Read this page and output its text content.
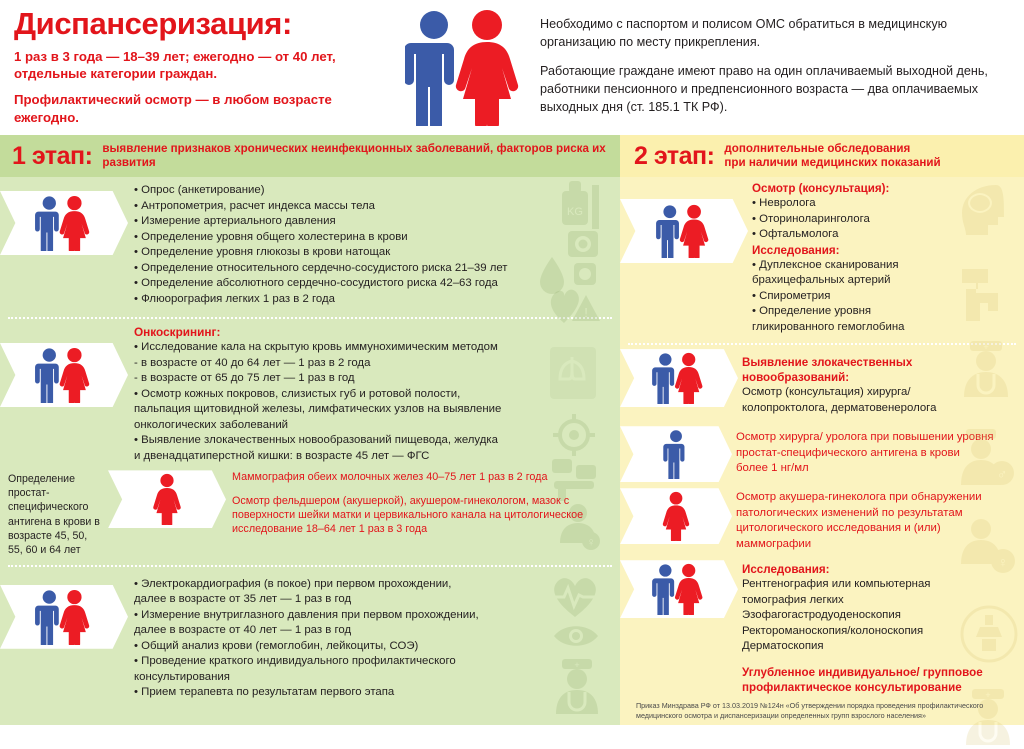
Диспансеризация:
1 раз в 3 года — 18–39 лет; ежегодно — от 40 лет, отдельные категории граждан.
Профилактический осмотр — в любом возрасте ежегодно.

Необходимо с паспортом и полисом ОМС обратиться в медицинскую организацию по месту прикрепления.

Работающие граждане имеют право на один оплачиваемый выходной день, работники пенсионного и предпенсионного возраста — два оплачиваемых выходных дня (ст. 185.1 ТК РФ).

1 этап: выявление признаков хронических неинфекционных заболеваний, факторов риска их развития
KG
!
• Опрос (анкетирование)
• Антропометрия, расчет индекса массы тела
• Измерение артериального давления
• Определение уровня общего холестерина в крови
• Определение уровня глюкозы в крови натощак
• Определение относительного сердечно-сосудистого риска 21–39 лет
• Определение абсолютного сердечно-сосудистого риска 42–63 года
• Флюорография легких 1 раз в 2 года
Онкоскрининг:
• Исследование кала на скрытую кровь иммунохимическим методом
- в возрасте от 40 до 64 лет — 1 раз в 2 года
- в возрасте от 65 до 75 лет — 1 раз в год
• Осмотр кожных покровов, слизистых губ и ротовой полости,
пальпация щитовидной железы, лимфатических узлов на выявление
онкологических заболеваний
• Выявление злокачественных новообразований пищевода, желудка
и двенадцатиперстной кишки: в возрасте 45 лет — ФГС
♀
Определение простат-специфического антигена в крови в возрасте 45, 50, 55, 60 и 64 лет
Маммография обеих молочных желез 40–75 лет 1 раз в 2 года
Осмотр фельдшером (акушеркой), акушером-гинекологом, мазок с поверхности шейки матки и цервикального канала на цитологическое исследование 18–64 лет 1 раз в 3 года
• Электрокардиография (в покое) при первом прохождении,
далее в возрасте от 35 лет — 1 раз в год
• Измерение внутриглазного давления при первом прохождении,
далее в возрасте от 40 лет — 1 раз в год
• Общий анализ крови (гемоглобин, лейкоциты, СОЭ)
• Проведение краткого индивидуального профилактического
консультирования
• Прием терапевта по результатам первого этапа
+
2 этап: дополнительные обследования
при наличии медицинских показаний
+
♂
♀
+
Осмотр (консультация):
• Невролога
• Оториноларинголога
• Офтальмолога
Исследования:
• Дуплексное сканирования
брахицефальных артерий
• Спирометрия
• Определение уровня
гликированного гемоглобина
Выявление злокачественных новообразований:
Осмотр (консультация) хирурга/ колопроктолога, дерматовенеролога
Осмотр хирурга/ уролога при повышении уровня простат-специфического антигена в крови более 1 нг/мл
Осмотр акушера-гинеколога при обнаружении патологических изменений по результатам цитологического исследования и (или) маммографии
Исследования:
Рентгенография или компьютерная
томография легких
Эзофагогастродуоденоскопия
Ректороманоскопия/колоноскопия
Дерматоскопия
Углубленное индивидуальное/ групповое профилактическое консультирование
Приказ Минздрава РФ от 13.03.2019 №124н «Об утверждении порядка проведения профилактического медицинского осмотра и диспансеризации определенных групп взрослого населения»
